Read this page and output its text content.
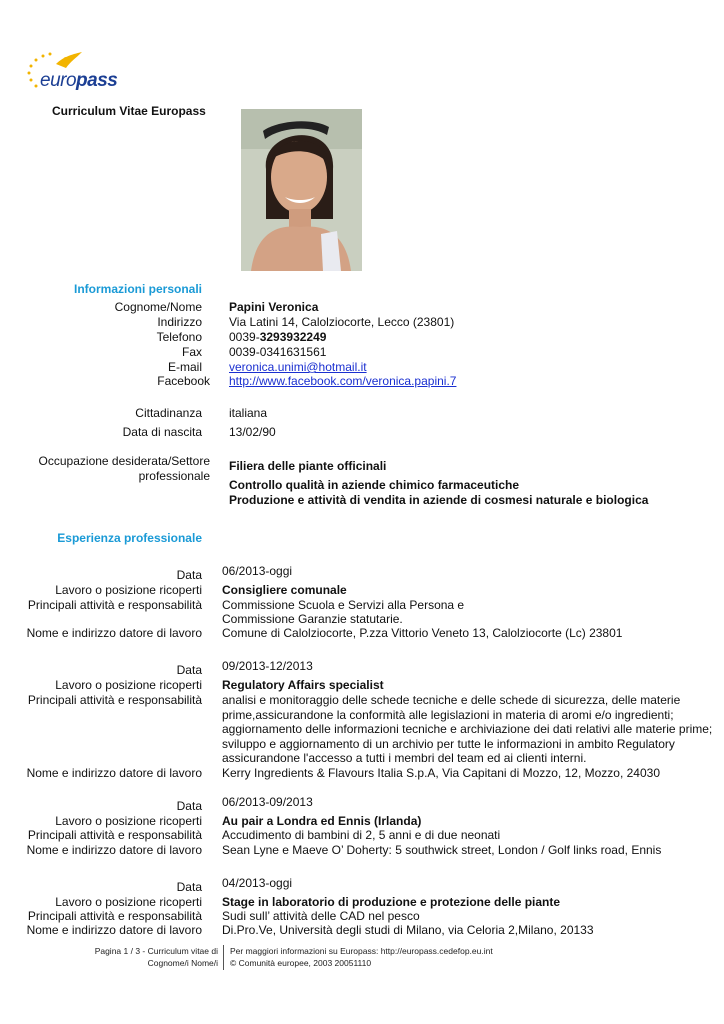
europass
Curriculum Vitae Europass
Informazioni personali
Cognome/Nome Papini Veronica
Indirizzo Via Latini 14, Calolziocorte, Lecco (23801)
Telefono 0039-3293932249
Fax 0039-0341631561
E-mail veronica.unimi@hotmail.it
Facebook http://www.facebook.com/veronica.papini.7
Cittadinanza italiana
Data di nascita 13/02/90
Occupazione desiderata/Settore
professionale
Filiera delle piante officinali
Controllo qualità in aziende chimico farmaceutiche
Produzione e attività di vendita in aziende di cosmesi naturale e biologica
Esperienza professionale
Data 06/2013-oggi
Lavoro o posizione ricoperti Consigliere comunale
Principali attività e responsabilità Commissione Scuola e Servizi alla Persona e
Commissione Garanzie statutarie.
Nome e indirizzo datore di lavoro Comune di Calolziocorte, P.zza Vittorio Veneto 13, Calolziocorte (Lc) 23801
Data 09/2013-12/2013
Lavoro o posizione ricoperti Regulatory Affairs specialist
Principali attività e responsabilità analisi e monitoraggio delle schede tecniche e delle schede di sicurezza, delle materie
prime,assicurandone la conformità alle legislazioni in materia di aromi e/o ingredienti;
aggiornamento delle informazioni tecniche e archiviazione dei dati relativi alle materie prime;
sviluppo e aggiornamento di un archivio per tutte le informazioni in ambito Regulatory
assicurandone l'accesso a tutti i membri del team ed ai clienti interni.
Nome e indirizzo datore di lavoro Kerry Ingredients & Flavours Italia S.p.A, Via Capitani di Mozzo, 12, Mozzo, 24030
Data 06/2013-09/2013
Lavoro o posizione ricoperti Au pair a Londra ed Ennis (Irlanda)
Principali attività e responsabilità Accudimento di bambini di 2, 5 anni e di due neonati
Nome e indirizzo datore di lavoro Sean Lyne e Maeve O’ Doherty: 5 southwick street, London / Golf links road, Ennis
Data 04/2013-oggi
Lavoro o posizione ricoperti Stage in laboratorio di produzione e protezione delle piante
Principali attività e responsabilità Sudi sull’ attività delle CAD nel pesco
Nome e indirizzo datore di lavoro Di.Pro.Ve, Università degli studi di Milano, via Celoria 2,Milano, 20133
Pagina 1 / 3 - Curriculum vitae di
Cognome/i Nome/i
Per maggiori informazioni su Europass: http://europass.cedefop.eu.int
© Comunità europee, 2003 20051110
